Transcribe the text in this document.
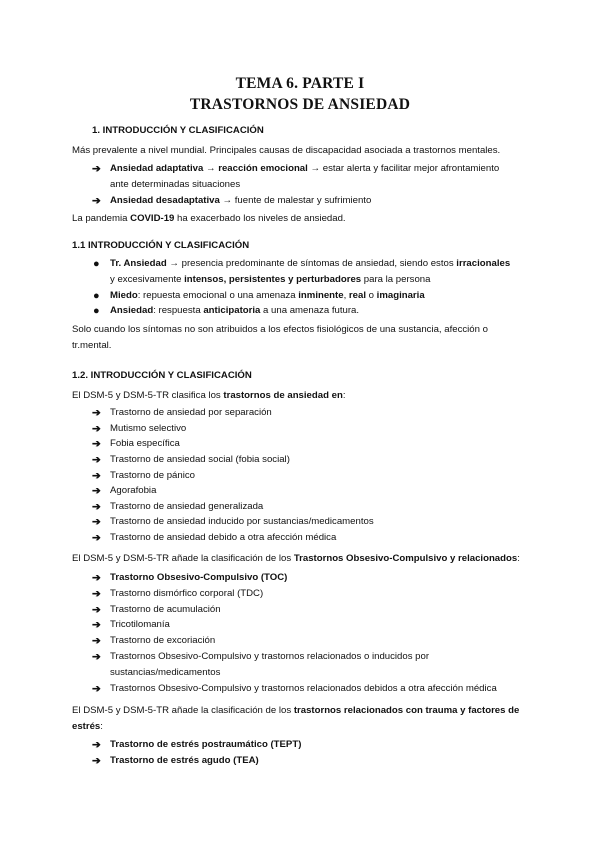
TEMA 6. PARTE I
TRASTORNOS DE ANSIEDAD
1. INTRODUCCIÓN Y CLASIFICACIÓN
Más prevalente a nivel mundial. Principales causas de discapacidad asociada a trastornos mentales.
➔ Ansiedad adaptativa → reacción emocional → estar alerta y facilitar mejor afrontamiento
ante determinadas situaciones
➔ Ansiedad desadaptativa → fuente de malestar y sufrimiento
La pandemia COVID-19 ha exacerbado los niveles de ansiedad.
1.1 INTRODUCCIÓN Y CLASIFICACIÓN
● Tr. Ansiedad → presencia predominante de síntomas de ansiedad, siendo estos irracionales
y excesivamente intensos, persistentes y perturbadores para la persona
● Miedo: repuesta emocional o una amenaza inminente, real o imaginaria
● Ansiedad: respuesta anticipatoria a una amenaza futura.
Solo cuando los síntomas no son atribuidos a los efectos fisiológicos de una sustancia, afección o
tr.mental.
1.2. INTRODUCCIÓN Y CLASIFICACIÓN
El DSM-5 y DSM-5-TR clasifica los trastornos de ansiedad en:
➔ Trastorno de ansiedad por separación
➔ Mutismo selectivo
➔ Fobia específica
➔ Trastorno de ansiedad social (fobia social)
➔ Trastorno de pánico
➔ Agorafobia
➔ Trastorno de ansiedad generalizada
➔ Trastorno de ansiedad inducido por sustancias/medicamentos
➔ Trastorno de ansiedad debido a otra afección médica
El DSM-5 y DSM-5-TR añade la clasificación de los Trastornos Obsesivo-Compulsivo y relacionados:
➔ Trastorno Obsesivo-Compulsivo (TOC)
➔ Trastorno dismórfico corporal (TDC)
➔ Trastorno de acumulación
➔ Tricotilomanía
➔ Trastorno de excoriación
➔ Trastornos Obsesivo-Compulsivo y trastornos relacionados o inducidos por
sustancias/medicamentos
➔ Trastornos Obsesivo-Compulsivo y trastornos relacionados debidos a otra afección médica
El DSM-5 y DSM-5-TR añade la clasificación de los trastornos relacionados con trauma y factores de
estrés:
➔ Trastorno de estrés postraumático (TEPT)
➔ Trastorno de estrés agudo (TEA)
